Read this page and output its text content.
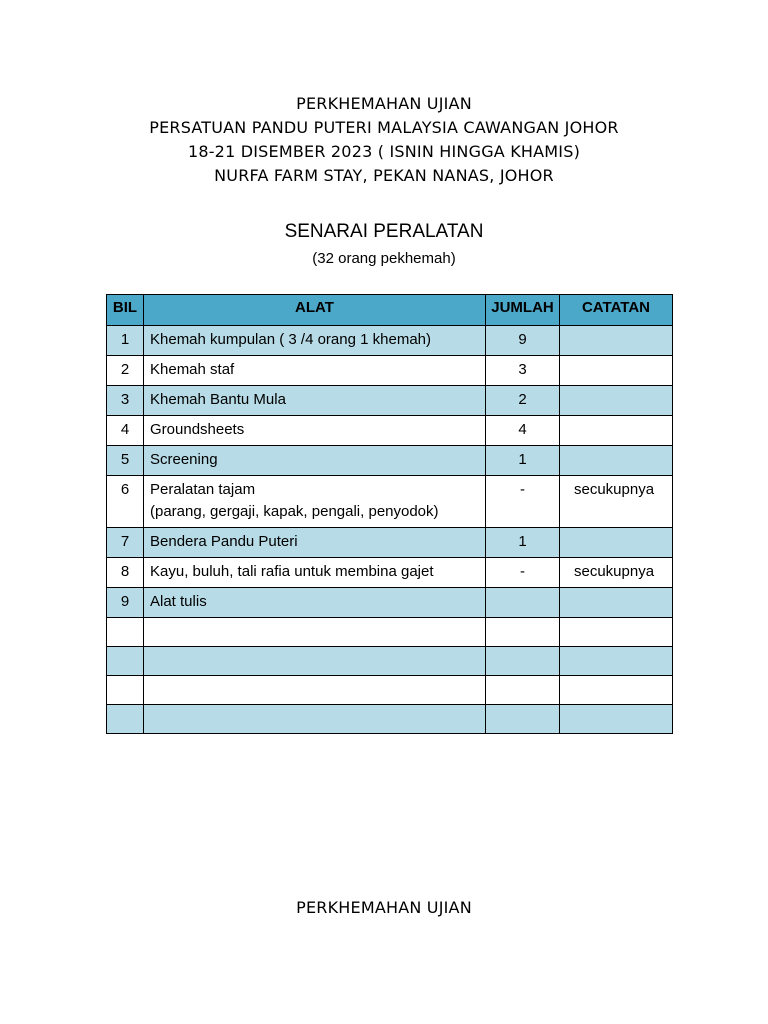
PERKHEMAHAN UJIAN
PERSATUAN PANDU PUTERI MALAYSIA CAWANGAN JOHOR
18-21 DISEMBER 2023 ( ISNIN HINGGA KHAMIS)
NURFA FARM STAY, PEKAN NANAS, JOHOR
SENARAI PERALATAN
(32 orang pekhemah)
BIL	ALAT	JUMLAH	CATATAN
1	Khemah kumpulan ( 3 /4 orang 1 khemah)	9	
2	Khemah staf	3	
3	Khemah Bantu Mula	2	
4	Groundsheets	4	
5	Screening	1	
6	Peralatan tajam
(parang, gergaji, kapak, pengali, penyodok)	-	secukupnya
7	Bendera Pandu Puteri	1	
8	Kayu, buluh, tali rafia untuk membina gajet	-	secukupnya
9	Alat tulis		

PERKHEMAHAN UJIAN
